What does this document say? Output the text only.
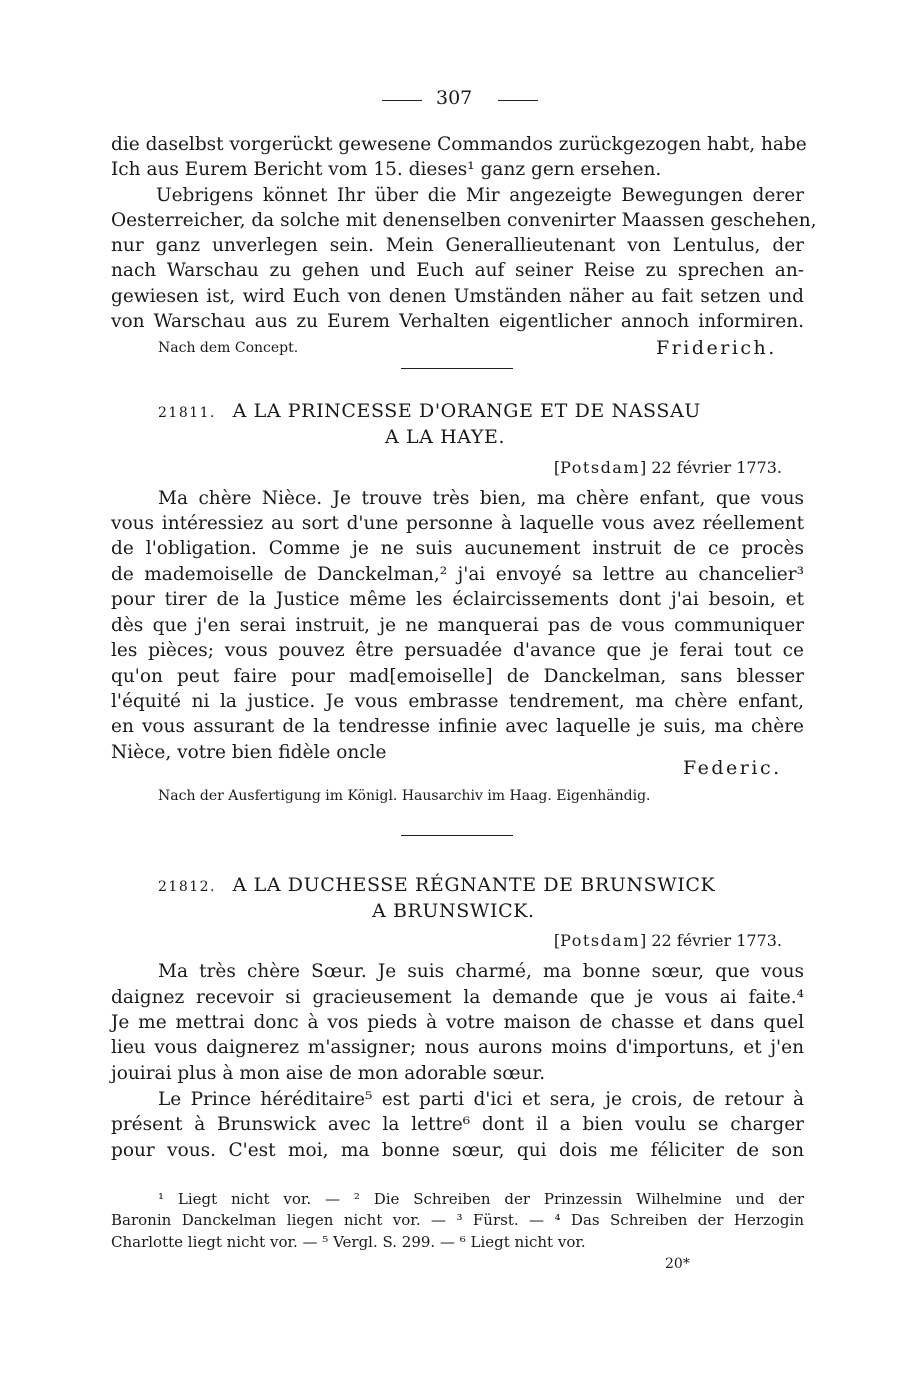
307
die daselbst vorgerückt gewesene Commandos zurückgezogen habt, habe
Ich aus Eurem Bericht vom 15. dieses¹ ganz gern ersehen.
Uebrigens könnet Ihr über die Mir angezeigte Bewegungen derer
Oesterreicher, da solche mit denenselben convenirter Maassen geschehen,
nur ganz unverlegen sein. Mein Generallieutenant von Lentulus, der
nach Warschau zu gehen und Euch auf seiner Reise zu sprechen an-
gewiesen ist, wird Euch von denen Umständen näher au fait setzen und
von Warschau aus zu Eurem Verhalten eigentlicher annoch informiren.
Nach dem Concept.	Friderich.
21811. A LA PRINCESSE D'ORANGE ET DE NASSAU
A LA HAYE.
[Potsdam] 22 février 1773.
Ma chère Nièce. Je trouve très bien, ma chère enfant, que vous
vous intéressiez au sort d'une personne à laquelle vous avez réellement
de l'obligation. Comme je ne suis aucunement instruit de ce procès
de mademoiselle de Danckelman,² j'ai envoyé sa lettre au chancelier³
pour tirer de la Justice même les éclaircissements dont j'ai besoin, et
dès que j'en serai instruit, je ne manquerai pas de vous communiquer
les pièces; vous pouvez être persuadée d'avance que je ferai tout ce
qu'on peut faire pour mad[emoiselle] de Danckelman, sans blesser
l'équité ni la justice. Je vous embrasse tendrement, ma chère enfant,
en vous assurant de la tendresse infinie avec laquelle je suis, ma chère
Nièce, votre bien fidèle oncle
Federic.
Nach der Ausfertigung im Königl. Hausarchiv im Haag. Eigenhändig.
21812. A LA DUCHESSE RÉGNANTE DE BRUNSWICK
A BRUNSWICK.
[Potsdam] 22 février 1773.
Ma très chère Sœur. Je suis charmé, ma bonne sœur, que vous
daignez recevoir si gracieusement la demande que je vous ai faite.⁴
Je me mettrai donc à vos pieds à votre maison de chasse et dans quel
lieu vous daignerez m'assigner; nous aurons moins d'importuns, et j'en
jouirai plus à mon aise de mon adorable sœur.
Le Prince héréditaire⁵ est parti d'ici et sera, je crois, de retour à
présent à Brunswick avec la lettre⁶ dont il a bien voulu se charger
pour vous. C'est moi, ma bonne sœur, qui dois me féliciter de son
¹ Liegt nicht vor. — ² Die Schreiben der Prinzessin Wilhelmine und der
Baronin Danckelman liegen nicht vor. — ³ Fürst. — ⁴ Das Schreiben der Herzogin
Charlotte liegt nicht vor. — ⁵ Vergl. S. 299. — ⁶ Liegt nicht vor.
20*
